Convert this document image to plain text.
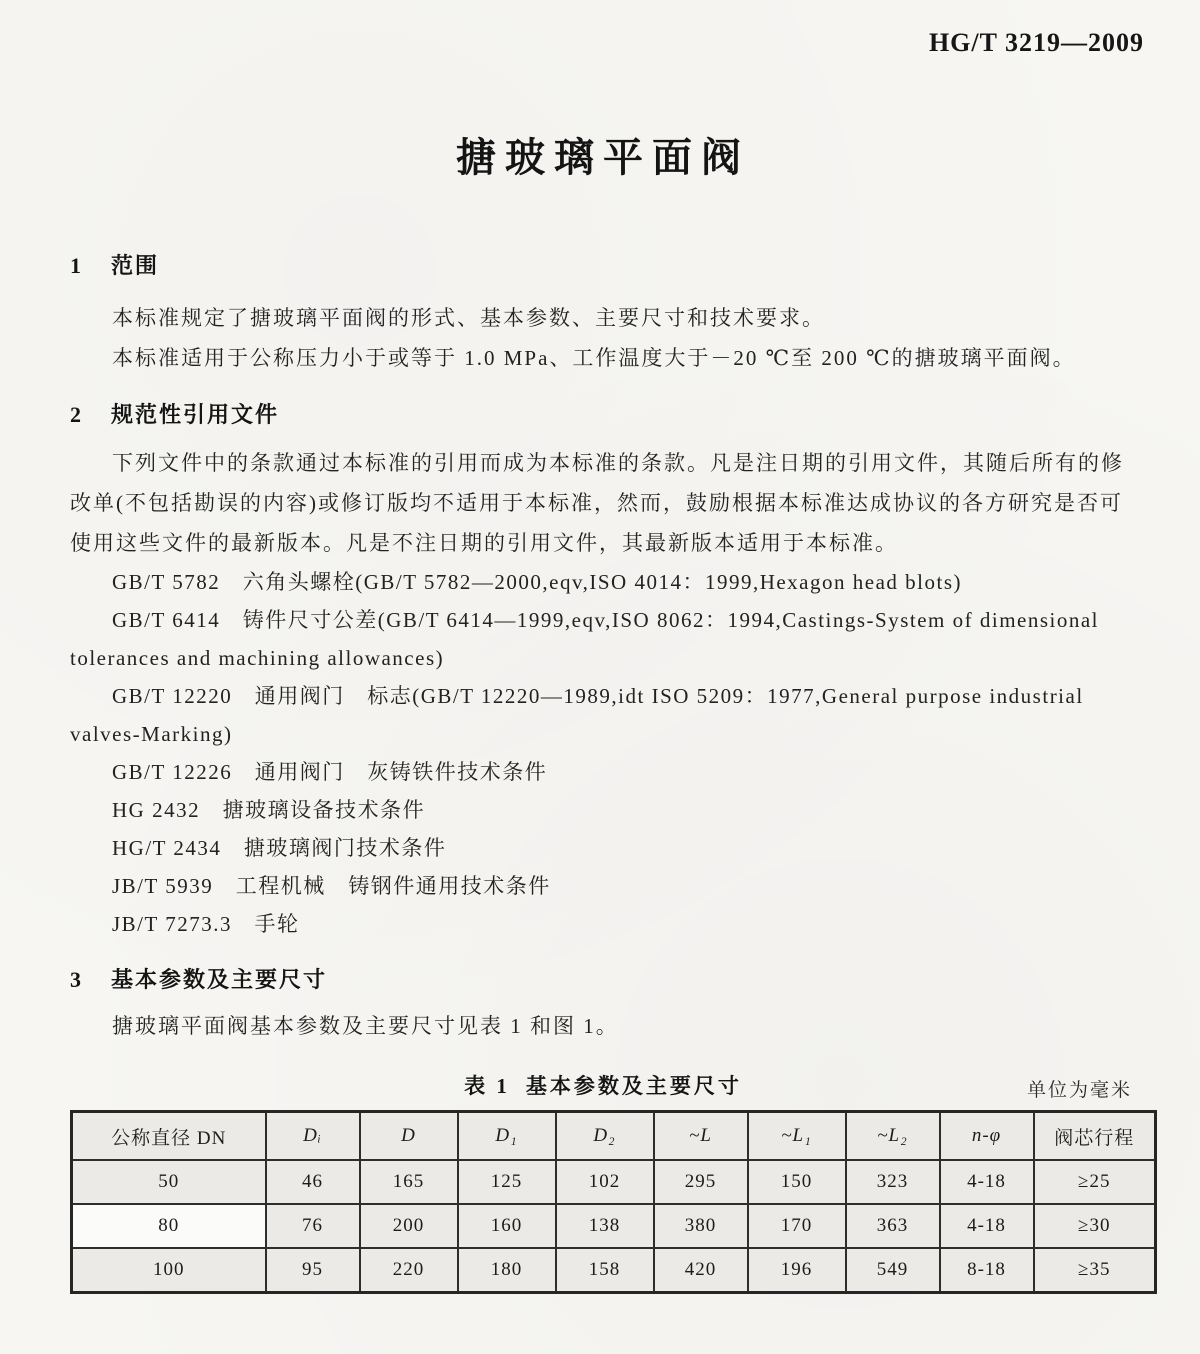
HG/T 3219—2009
搪玻璃平面阀
1 范围

本标准规定了搪玻璃平面阀的形式、基本参数、主要尺寸和技术要求。

本标准适用于公称压力小于或等于 1.0 MPa、工作温度大于－20 ℃至 200 ℃的搪玻璃平面阀。

2 规范性引用文件

下列文件中的条款通过本标准的引用而成为本标准的条款。凡是注日期的引用文件，其随后所有的修改单(不包括勘误的内容)或修订版均不适用于本标准，然而，鼓励根据本标准达成协议的各方研究是否可使用这些文件的最新版本。凡是不注日期的引用文件，其最新版本适用于本标准。

GB/T 5782　六角头螺栓(GB/T 5782—2000,eqv,ISO 4014：1999,Hexagon head blots)

GB/T 6414　铸件尺寸公差(GB/T 6414—1999,eqv,ISO 8062：1994,Castings-System of dimensional tolerances and machining allowances)

GB/T 12220　通用阀门　标志(GB/T 12220—1989,idt ISO 5209：1977,General purpose industrial valves-Marking)

GB/T 12226　通用阀门　灰铸铁件技术条件

HG 2432　搪玻璃设备技术条件

HG/T 2434　搪玻璃阀门技术条件

JB/T 5939　工程机械　铸钢件通用技术条件

JB/T 7273.3　手轮

3 基本参数及主要尺寸

搪玻璃平面阀基本参数及主要尺寸见表 1 和图 1。

表 1 基本参数及主要尺寸	单位为毫米
公称直径 DN	Dᵢ	D	D₁	D₂	~L	~L₁	~L₂	n-φ	阀芯行程
50	46	165	125	102	295	150	323	4-18	≥25
80	76	200	160	138	380	170	363	4-18	≥30
100	95	220	180	158	420	196	549	8-18	≥35
